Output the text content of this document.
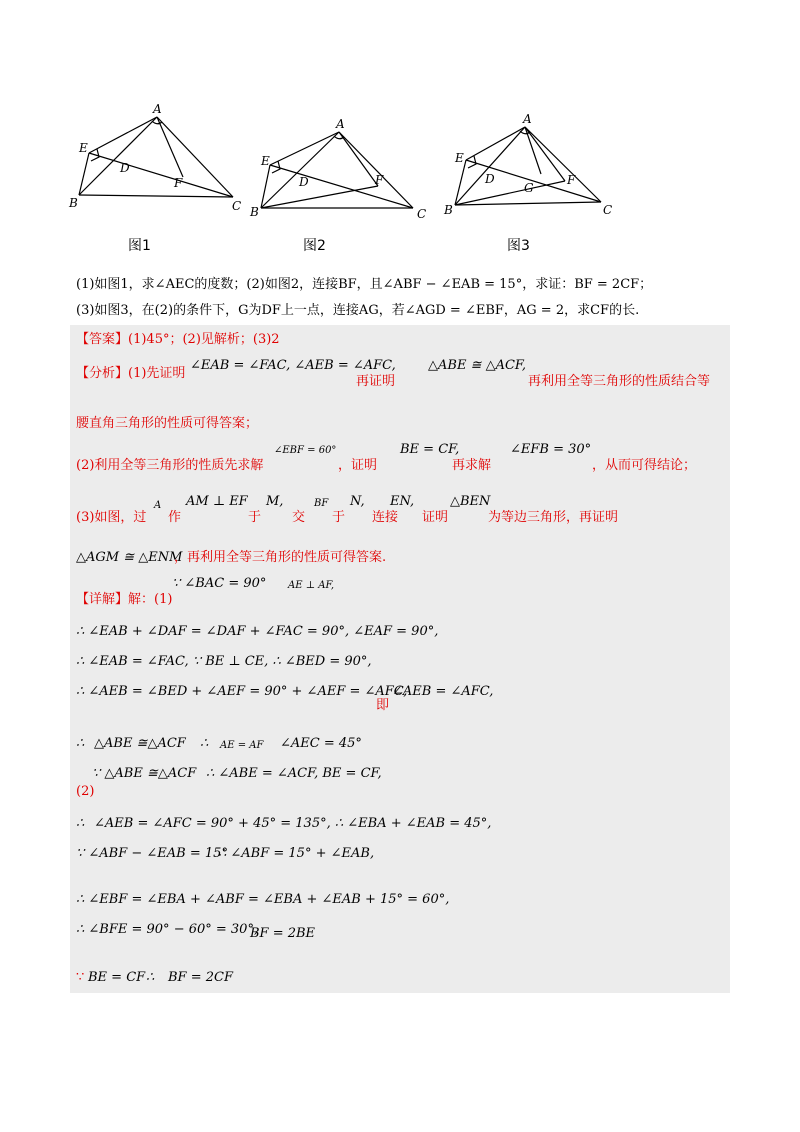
A
E
D
F
B	C
图1
A
E
D	F
B	C
图2
A
E
D
G
F
B	C
图3
(1)如图1，求∠AEC的度数；(2)如图2，连接BF，且∠ABF − ∠EAB = 15°，求证：BF = 2CF；
(3)如图3，在(2)的条件下，G为DF上一点，连接AG，若∠AGD = ∠EBF，AG = 2，求CF的长.
【答案】(1)45°；(2)见解析；(3)2
【分析】(1)先证明
∠EAB = ∠FAC, ∠AEB = ∠AFC,
再证明
△ABE ≅ △ACF,
再利用全等三角形的性质结合等
腰直角三角形的性质可得答案；
(2)利用全等三角形的性质先求解
∠EBF = 60°
，证明
BE = CF,
再求解
∠EFB = 30°
，从而可得结论；
(3)如图，过
A
作
AM ⊥ EF
于
M,
交
BF
于
N,
连接
EN,
证明
△BEN
为等边三角形，再证明
△AGM ≅ △ENM
，再利用全等三角形的性质可得答案.
【详解】解：(1)
∵ ∠BAC = 90° AE ⊥ AF,
∴ ∠EAB + ∠DAF = ∠DAF + ∠FAC = 90°, ∠EAF = 90°,
∴ ∠EAB = ∠FAC, ∵ BE ⊥ CE, ∴ ∠BED = 90°,
∴ ∠AEB = ∠BED + ∠AEF = 90° + ∠AEF = ∠AFC,
即
∠AEB = ∠AFC,
∴ △ABE ≅△ACF ∴ AE = AF ∠AEC = 45°
(2)
∵ △ABE ≅△ACF ∴ ∠ABE = ∠ACF, BE = CF,
∴ ∠AEB = ∠AFC = 90° + 45° = 135°, ∴ ∠EBA + ∠EAB = 45°,
∵ ∠ABF − ∠EAB = 15°
∴ ∠ABF = 15° + ∠EAB,
∴ ∠EBF = ∠EBA + ∠ABF = ∠EBA + ∠EAB + 15° = 60°,
∴ ∠BFE = 90° − 60° = 30°,
BF = 2BE
∵ BE = CF ∴ BF = 2CF
